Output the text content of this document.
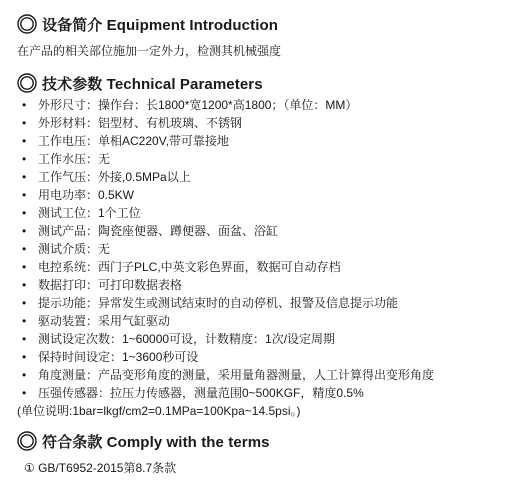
设备简介 Equipment Introduction
在产品的相关部位施加一定外力，检测其机械强度
技术参数 Technical Parameters
• 外形尺寸：操作台：长1800*宽1200*高1800；（单位：MM）
• 外形材料：铝型材、有机玻璃、不锈钢
• 工作电压：单相AC220V,带可靠接地
• 工作水压：无
• 工作气压：外接,0.5MPa以上
• 用电功率：0.5KW
• 测试工位：1个工位
• 测试产品：陶瓷座便器、蹲便器、面盆、浴缸
• 测试介质：无
• 电控系统：西门子PLC,中英文彩色界面，数据可自动存档
• 数据打印：可打印数据表格
• 提示功能：异常发生或测试结束时的自动停机、报警及信息提示功能
• 驱动装置：采用气缸驱动
• 测试设定次数：1~60000可设，计数精度：1次/设定周期
• 保持时间设定：1~3600秒可设
• 角度测量：产品变形角度的测量，采用量角器测量，人工计算得出变形角度
• 压强传感器：拉压力传感器，测量范围0~500KGF，精度0.5%
(单位说明:1bar=lkgf/cm2=0.1MPa=100Kpa~14.5psi。)
符合条款 Comply with the terms
① GB/T6952-2015第8.7条款
